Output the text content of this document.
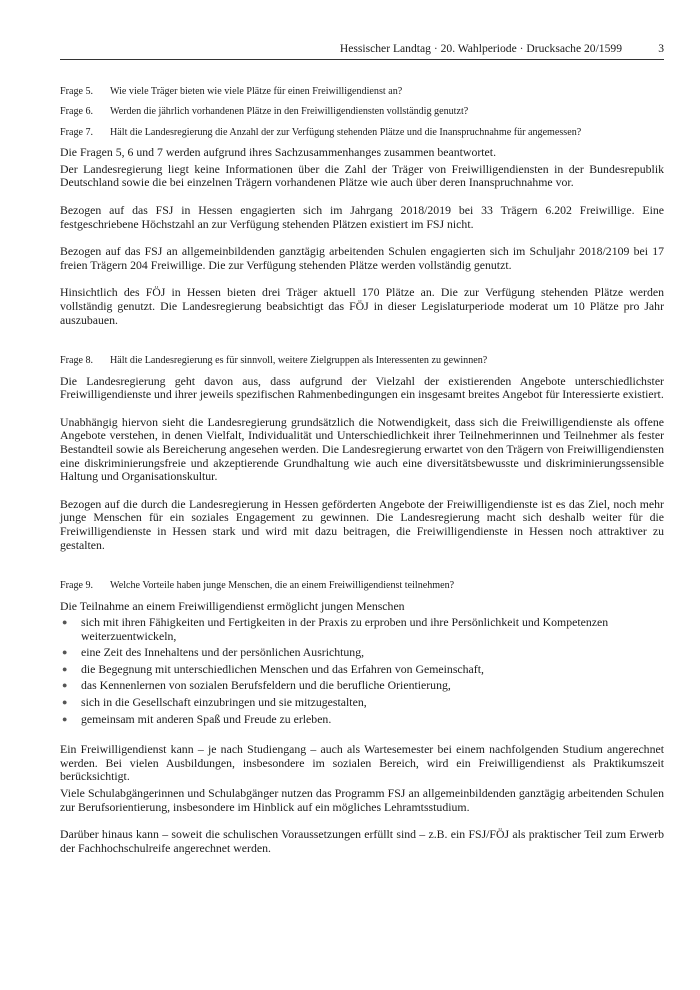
Hessischer Landtag · 20. Wahlperiode · Drucksache 20/1599	3
Frage 5.	Wie viele Träger bieten wie viele Plätze für einen Freiwilligendienst an?
Frage 6.	Werden die jährlich vorhandenen Plätze in den Freiwilligendiensten vollständig genutzt?
Frage 7.	Hält die Landesregierung die Anzahl der zur Verfügung stehenden Plätze und die Inanspruchnahme für angemessen?

Die Fragen 5, 6 und 7 werden aufgrund ihres Sachzusammenhanges zusammen beantwortet.

Der Landesregierung liegt keine Informationen über die Zahl der Träger von Freiwilligendiensten in der Bundesrepublik Deutschland sowie die bei einzelnen Trägern vorhandenen Plätze wie auch über deren Inanspruchnahme vor.

Bezogen auf das FSJ in Hessen engagierten sich im Jahrgang 2018/2019 bei 33 Trägern 6.202 Freiwillige. Eine festgeschriebene Höchstzahl an zur Verfügung stehenden Plätzen existiert im FSJ nicht.

Bezogen auf das FSJ an allgemeinbildenden ganztägig arbeitenden Schulen engagierten sich im Schuljahr 2018/2109 bei 17 freien Trägern 204 Freiwillige. Die zur Verfügung stehenden Plätze werden vollständig genutzt.

Hinsichtlich des FÖJ in Hessen bieten drei Träger aktuell 170 Plätze an. Die zur Verfügung stehenden Plätze werden vollständig genutzt. Die Landesregierung beabsichtigt das FÖJ in dieser Legislaturperiode moderat um 10 Plätze pro Jahr auszubauen.

Frage 8.	Hält die Landesregierung es für sinnvoll, weitere Zielgruppen als Interessenten zu gewinnen?

Die Landesregierung geht davon aus, dass aufgrund der Vielzahl der existierenden Angebote unterschiedlichster Freiwilligendienste und ihrer jeweils spezifischen Rahmenbedingungen ein insgesamt breites Angebot für Interessierte existiert.

Unabhängig hiervon sieht die Landesregierung grundsätzlich die Notwendigkeit, dass sich die Freiwilligendienste als offene Angebote verstehen, in denen Vielfalt, Individualität und Unterschiedlichkeit ihrer Teilnehmerinnen und Teilnehmer als fester Bestandteil sowie als Bereicherung angesehen werden. Die Landesregierung erwartet von den Trägern von Freiwilligendiensten eine diskriminierungsfreie und akzeptierende Grundhaltung wie auch eine diversitätsbewusste und diskriminierungssensible Haltung und Organisationskultur.

Bezogen auf die durch die Landesregierung in Hessen geförderten Angebote der Freiwilligendienste ist es das Ziel, noch mehr junge Menschen für ein soziales Engagement zu gewinnen. Die Landesregierung macht sich deshalb weiter für die Freiwilligendienste in Hessen stark und wird mit dazu beitragen, die Freiwilligendienste in Hessen noch attraktiver zu gestalten.

Frage 9.	Welche Vorteile haben junge Menschen, die an einem Freiwilligendienst teilnehmen?

Die Teilnahme an einem Freiwilligendienst ermöglicht jungen Menschen

● sich mit ihren Fähigkeiten und Fertigkeiten in der Praxis zu erproben und ihre Persönlichkeit und Kompetenzen weiterzuentwickeln,
● eine Zeit des Innehaltens und der persönlichen Ausrichtung,
● die Begegnung mit unterschiedlichen Menschen und das Erfahren von Gemeinschaft,
● das Kennenlernen von sozialen Berufsfeldern und die berufliche Orientierung,
● sich in die Gesellschaft einzubringen und sie mitzugestalten,
● gemeinsam mit anderen Spaß und Freude zu erleben.

Ein Freiwilligendienst kann – je nach Studiengang – auch als Wartesemester bei einem nachfolgenden Studium angerechnet werden. Bei vielen Ausbildungen, insbesondere im sozialen Bereich, wird ein Freiwilligendienst als Praktikumszeit berücksichtigt.

Viele Schulabgängerinnen und Schulabgänger nutzen das Programm FSJ an allgemeinbildenden ganztägig arbeitenden Schulen zur Berufsorientierung, insbesondere im Hinblick auf ein mögliches Lehramtsstudium.

Darüber hinaus kann – soweit die schulischen Voraussetzungen erfüllt sind – z.B. ein FSJ/FÖJ als praktischer Teil zum Erwerb der Fachhochschulreife angerechnet werden.
